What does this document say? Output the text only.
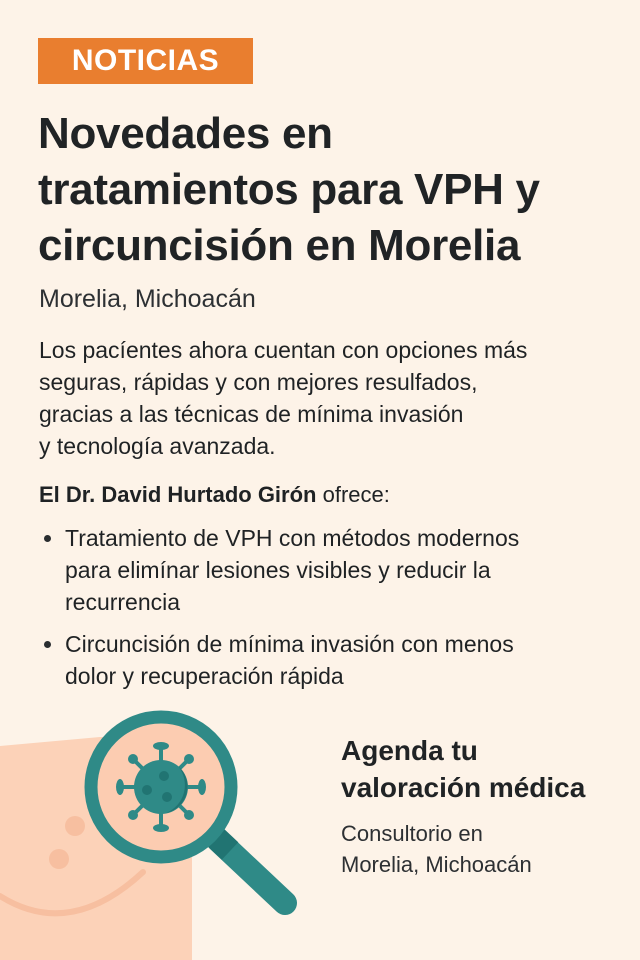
NOTICIAS
Novedades en
tratamientos para VPH y
circuncisión en Morelia
Morelia, Michoacán
Los pacíentes ahora cuentan con opciones más
seguras, rápidas y con mejores resulfados,
gracias a las técnicas de mínima invasión
y tecnología avanzada.
El Dr. David Hurtado Girón ofrece:
Tratamiento de VPH con métodos modernos
para elimínar lesiones visibles y reducir la
recurrencia
Circuncisión de mínima invasión con menos
dolor y recuperación rápida
Agenda tu
valoración médica
Consultorio en
Morelia, Michoacán
